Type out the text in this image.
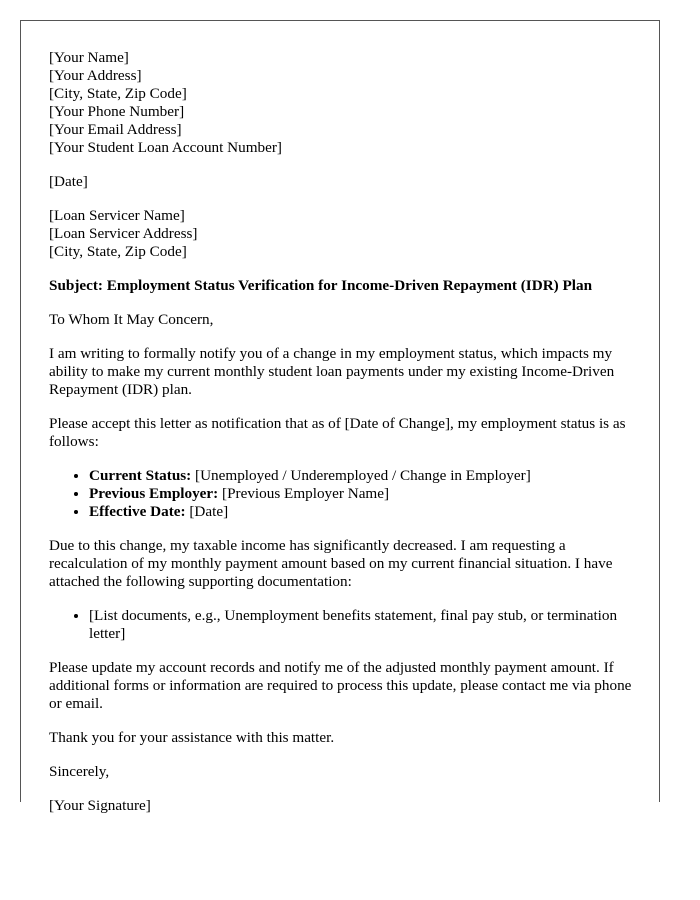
[Your Name]
[Your Address]
[City, State, Zip Code]
[Your Phone Number]
[Your Email Address]
[Your Student Loan Account Number]
[Date]
[Loan Servicer Name]
[Loan Servicer Address]
[City, State, Zip Code]

Subject: Employment Status Verification for Income-Driven Repayment (IDR) Plan

To Whom It May Concern,

I am writing to formally notify you of a change in my employment status, which impacts my ability to make my current monthly student loan payments under my existing Income-Driven Repayment (IDR) plan.

Please accept this letter as notification that as of [Date of Change], my employment status is as follows:

• Current Status: [Unemployed / Underemployed / Change in Employer]
• Previous Employer: [Previous Employer Name]
• Effective Date: [Date]

Due to this change, my taxable income has significantly decreased. I am requesting a recalculation of my monthly payment amount based on my current financial situation. I have attached the following supporting documentation:

• [List documents, e.g., Unemployment benefits statement, final pay stub, or termination letter]

Please update my account records and notify me of the adjusted monthly payment amount. If additional forms or information are required to process this update, please contact me via phone or email.

Thank you for your assistance with this matter.

Sincerely,

[Your Signature]
